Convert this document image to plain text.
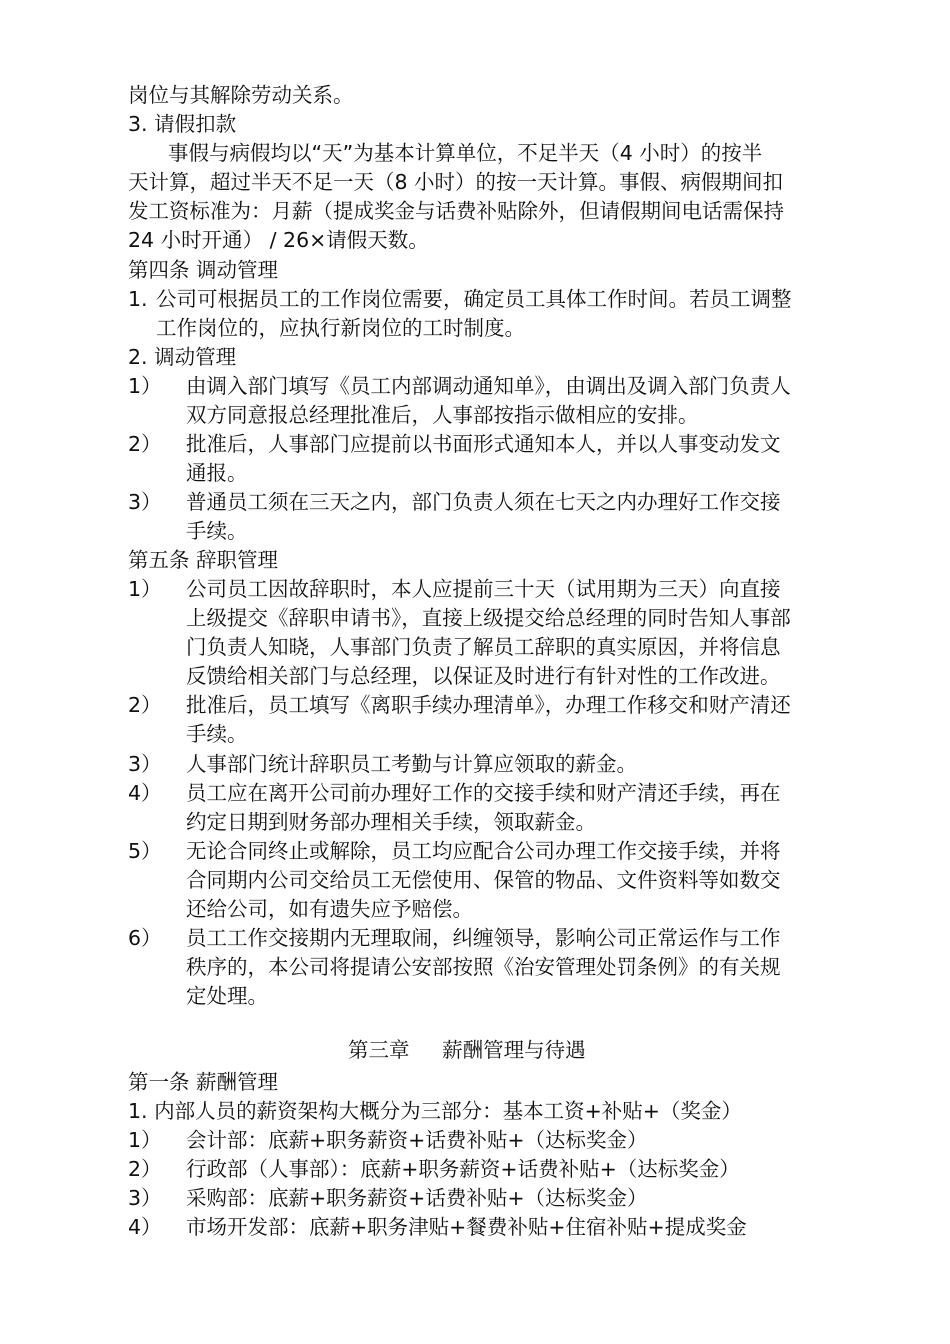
岗位与其解除劳动关系。
3. 请假扣款
事假与病假均以“天”为基本计算单位，不足半天（4 小时）的按半
天计算，超过半天不足一天（8 小时）的按一天计算。事假、病假期间扣
发工资标准为：月薪（提成奖金与话费补贴除外，但请假期间电话需保持
24 小时开通） / 26×请假天数。
第四条 调动管理
1. 公司可根据员工的工作岗位需要，确定员工具体工作时间。若员工调整
工作岗位的，应执行新岗位的工时制度。
2. 调动管理
1） 由调入部门填写《员工内部调动通知单》，由调出及调入部门负责人
双方同意报总经理批准后，人事部按指示做相应的安排。
2） 批准后，人事部门应提前以书面形式通知本人，并以人事变动发文
通报。
3） 普通员工须在三天之内，部门负责人须在七天之内办理好工作交接
手续。
第五条 辞职管理
1） 公司员工因故辞职时，本人应提前三十天（试用期为三天）向直接
上级提交《辞职申请书》，直接上级提交给总经理的同时告知人事部
门负责人知晓，人事部门负责了解员工辞职的真实原因，并将信息
反馈给相关部门与总经理，以保证及时进行有针对性的工作改进。
2） 批准后，员工填写《离职手续办理清单》，办理工作移交和财产清还
手续。
3） 人事部门统计辞职员工考勤与计算应领取的薪金。
4） 员工应在离开公司前办理好工作的交接手续和财产清还手续，再在
约定日期到财务部办理相关手续，领取薪金。
5） 无论合同终止或解除，员工均应配合公司办理工作交接手续，并将
合同期内公司交给员工无偿使用、保管的物品、文件资料等如数交
还给公司，如有遗失应予赔偿。
6） 员工工作交接期内无理取闹，纠缠领导，影响公司正常运作与工作
秩序的，本公司将提请公安部按照《治安管理处罚条例》的有关规
定处理。
第三章     薪酬管理与待遇
第一条 薪酬管理
1. 内部人员的薪资架构大概分为三部分：基本工资+补贴+（奖金）
1） 会计部：底薪+职务薪资+话费补贴+（达标奖金）
2） 行政部（人事部）：底薪+职务薪资+话费补贴+（达标奖金）
3） 采购部：底薪+职务薪资+话费补贴+（达标奖金）
4） 市场开发部：底薪+职务津贴+餐费补贴+住宿补贴+提成奖金
